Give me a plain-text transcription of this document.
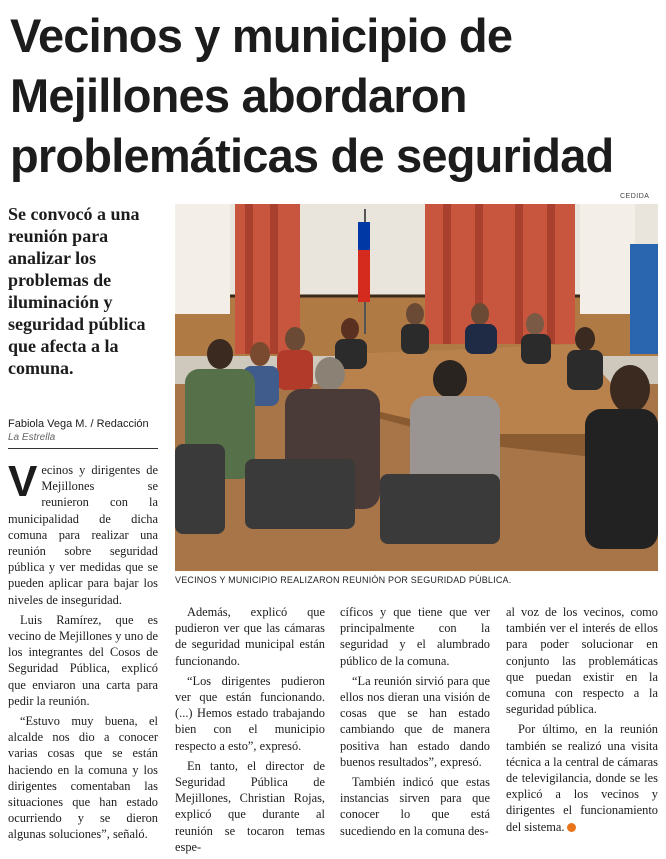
Vecinos y municipio de Mejillones abordaron problemáticas de seguridad
Se convocó a una reunión para analizar los problemas de iluminación y seguridad pública que afecta a la comuna.
Fabiola Vega M. / Redacción
La Estrella
CEDIDA
VECINOS Y MUNICIPIO REALIZARON REUNIÓN POR SEGURIDAD PÚBLICA.

Vecinos y dirigentes de Mejillones se reunieron con la municipalidad de dicha comuna para realizar una reunión sobre seguridad pública y ver medidas que se pueden aplicar para bajar los niveles de inseguridad.

Luis Ramírez, que es vecino de Mejillones y uno de los integrantes del Cosos de Seguridad Pública, explicó que enviaron una carta para pedir la reunión.

“Estuvo muy buena, el alcalde nos dio a conocer varias cosas que se están haciendo en la comuna y los dirigentes comentaban las situaciones que han estado ocurriendo y se dieron algunas soluciones”, señaló.

Además, explicó que pudieron ver que las cámaras de seguridad municipal están funcionando.

“Los dirigentes pudieron ver que están funcionando. (...) Hemos estado trabajando bien con el municipio respecto a esto”, expresó.

En tanto, el director de Seguridad Pública de Mejillones, Christian Rojas, explicó que durante al reunión se tocaron temas espe-

cíficos y que tiene que ver principalmente con la seguridad y el alumbrado público de la comuna.

“La reunión sirvió para que ellos nos dieran una visión de cosas que se han estado cambiando que de manera positiva han estado dando buenos resultados”, expresó.

También indicó que estas instancias sirven para que conocer lo que está sucediendo en la comuna des-

al voz de los vecinos, como también ver el interés de ellos para poder solucionar en conjunto las problemáticas que puedan existir en la comuna con respecto a la seguridad pública.

Por último, en la reunión también se realizó una visita técnica a la central de cámaras de televigilancia, donde se les explicó a los vecinos y dirigentes el funcionamiento del sistema.
